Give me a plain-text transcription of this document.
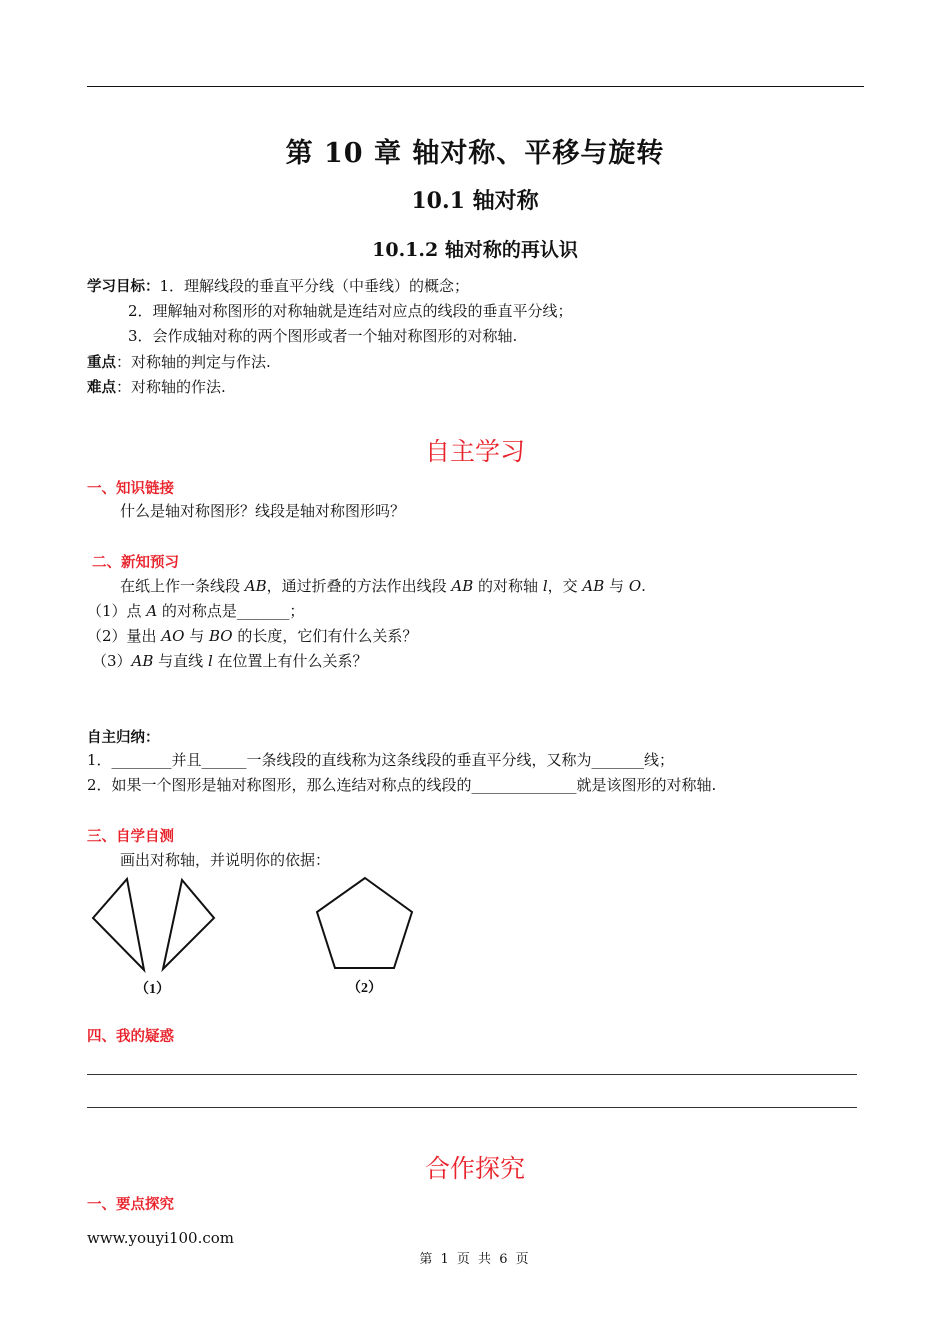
第 10 章 轴对称、平移与旋转
10.1 轴对称
10.1.2 轴对称的再认识
学习目标：1．理解线段的垂直平分线（中垂线）的概念；
2．理解轴对称图形的对称轴就是连结对应点的线段的垂直平分线；
3．会作成轴对称的两个图形或者一个轴对称图形的对称轴.
重点：对称轴的判定与作法.
难点：对称轴的作法.
自主学习
一、知识链接
什么是轴对称图形？线段是轴对称图形吗？
二、新知预习
在纸上作一条线段 AB，通过折叠的方法作出线段 AB 的对称轴 l，交 AB 与 O.
（1）点 A 的对称点是_______；
（2）量出 AO 与 BO 的长度，它们有什么关系？
（3）AB 与直线 l 在位置上有什么关系？
自主归纳：
1．________并且______一条线段的直线称为这条线段的垂直平分线，又称为_______线；
2．如果一个图形是轴对称图形，那么连结对称点的线段的______________就是该图形的对称轴.
三、自学自测
画出对称轴，并说明你的依据：
（1）	（2）
四、我的疑惑
合作探究
一、要点探究
www.youyi100.com
第 1 页 共 6 页
